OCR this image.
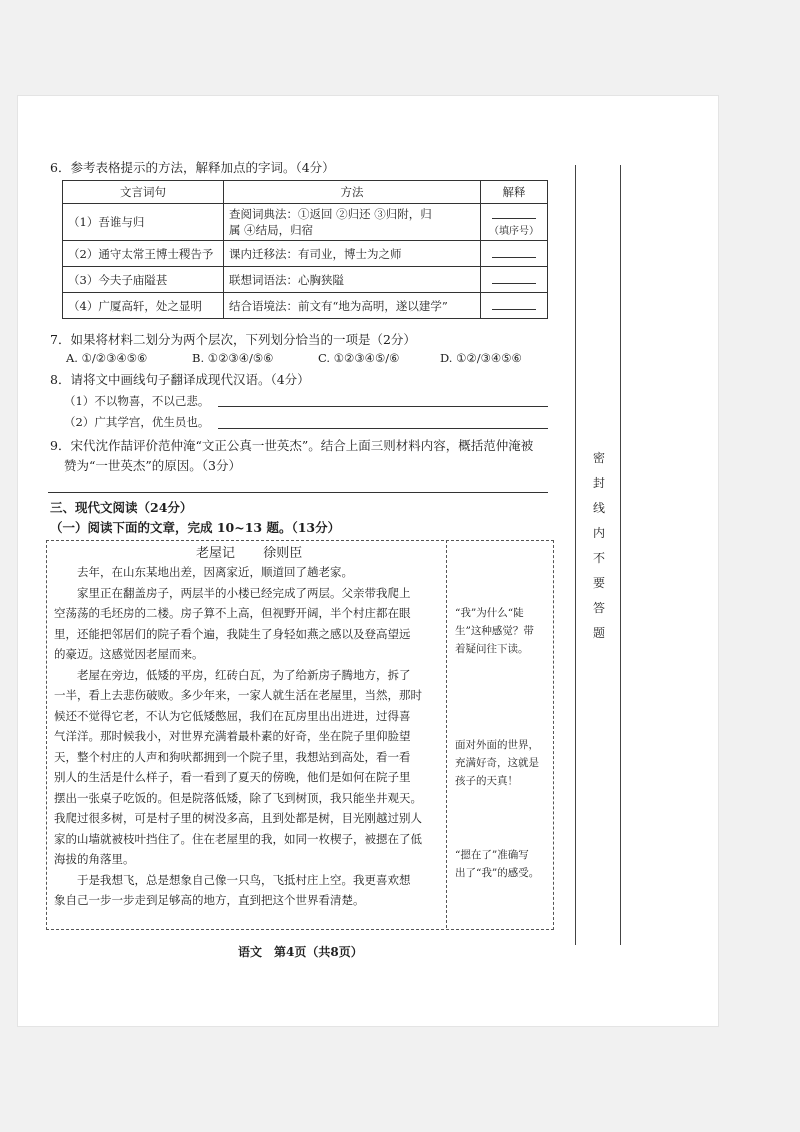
6．参考表格提示的方法，解释加点的字词。（4分）
文言词句	方法	解释
（1）吾谁与归	查阅词典法：①返回 ②归还 ③归附，归
属 ④结局，归宿	（填序号）
（2）通守太常王博士稷告予	课内迁移法：有司业，博士为之师	
（3）今夫子庙隘甚	联想词语法：心胸狭隘	
（4）广厦高轩，处之显明	结合语境法：前文有“地为高明，遂以建学”	
7．如果将材料二划分为两个层次，下列划分恰当的一项是（2分）
A. ①/②③④⑤⑥	B. ①②③④/⑤⑥	C. ①②③④⑤/⑥	D. ①②/③④⑤⑥
8．请将文中画线句子翻译成现代汉语。（4分）
（1）不以物喜，不以己悲。
（2）广其学宫，优生员也。
9．宋代沈作喆评价范仲淹“文正公真一世英杰”。结合上面三则材料内容，概括范仲淹被
赞为“一世英杰”的原因。（3分）
三、现代文阅读（24分）
（一）阅读下面的文章，完成 10~13 题。（13分）
老屋记 徐则臣
　　去年，在山东某地出差，因离家近，顺道回了趟老家。
　　家里正在翻盖房子，两层半的小楼已经完成了两层。父亲带我爬上
空荡荡的毛坯房的二楼。房子算不上高，但视野开阔，半个村庄都在眼
里，还能把邻居们的院子看个遍，我陡生了身轻如燕之感以及登高望远
的豪迈。这感觉因老屋而来。
　　老屋在旁边，低矮的平房，红砖白瓦，为了给新房子腾地方，拆了
一半，看上去悲伤破败。多少年来，一家人就生活在老屋里，当然，那时
候还不觉得它老，不认为它低矮憋屈，我们在瓦房里出出进进，过得喜
气洋洋。那时候我小，对世界充满着最朴素的好奇，坐在院子里仰脸望
天，整个村庄的人声和狗吠都拥到一个院子里，我想站到高处，看一看
别人的生活是什么样子，看一看到了夏天的傍晚，他们是如何在院子里
摆出一张桌子吃饭的。但是院落低矮，除了飞到树顶，我只能坐井观天。
我爬过很多树，可是村子里的树没多高，且到处都是树，目光刚越过别人
家的山墙就被枝叶挡住了。住在老屋里的我，如同一枚楔子，被摁在了低
海拔的角落里。
　　于是我想飞，总是想象自己像一只鸟，飞抵村庄上空。我更喜欢想
象自己一步一步走到足够高的地方，直到把这个世界看清楚。
“我”为什么“陡
生”这种感觉？带
着疑问往下读。
面对外面的世界，
充满好奇，这就是
孩子的天真！
“摁在了”准确写
出了“我”的感受。
密封线内不要答题
语文　第4页（共8页）
